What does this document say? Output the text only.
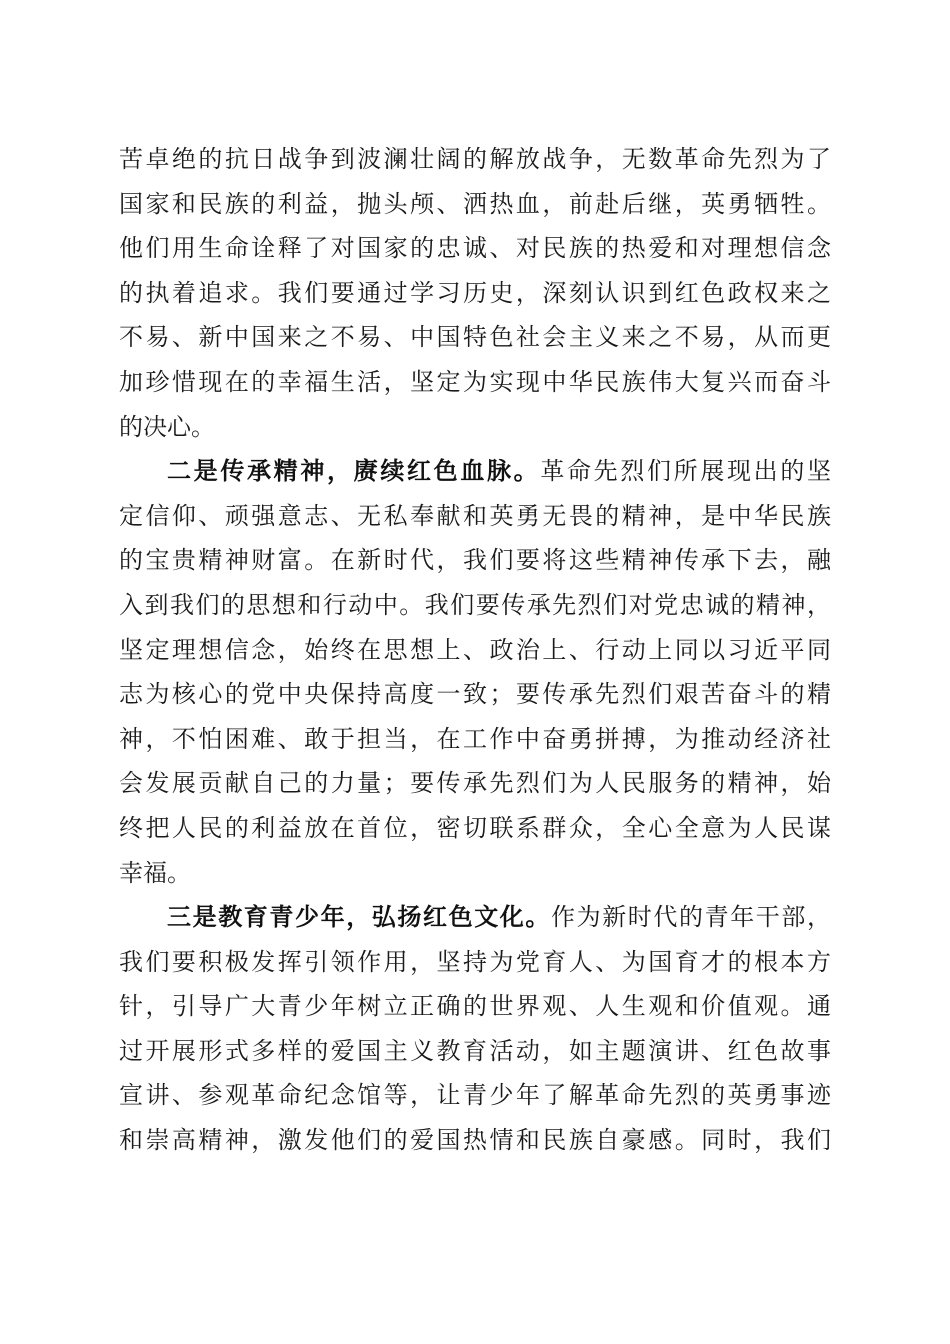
苦卓绝的抗日战争到波澜壮阔的解放战争，无数革命先烈为了
国家和民族的利益，抛头颅、洒热血，前赴后继，英勇牺牲。
他们用生命诠释了对国家的忠诚、对民族的热爱和对理想信念
的执着追求。我们要通过学习历史，深刻认识到红色政权来之
不易、新中国来之不易、中国特色社会主义来之不易，从而更
加珍惜现在的幸福生活，坚定为实现中华民族伟大复兴而奋斗
的决心。
二是传承精神，赓续红色血脉。革命先烈们所展现出的坚
定信仰、顽强意志、无私奉献和英勇无畏的精神，是中华民族
的宝贵精神财富。在新时代，我们要将这些精神传承下去，融
入到我们的思想和行动中。我们要传承先烈们对党忠诚的精神，
坚定理想信念，始终在思想上、政治上、行动上同以习近平同
志为核心的党中央保持高度一致；要传承先烈们艰苦奋斗的精
神，不怕困难、敢于担当，在工作中奋勇拼搏，为推动经济社
会发展贡献自己的力量；要传承先烈们为人民服务的精神，始
终把人民的利益放在首位，密切联系群众，全心全意为人民谋
幸福。
三是教育青少年，弘扬红色文化。作为新时代的青年干部，
我们要积极发挥引领作用，坚持为党育人、为国育才的根本方
针，引导广大青少年树立正确的世界观、人生观和价值观。通
过开展形式多样的爱国主义教育活动，如主题演讲、红色故事
宣讲、参观革命纪念馆等，让青少年了解革命先烈的英勇事迹
和崇高精神，激发他们的爱国热情和民族自豪感。同时，我们
